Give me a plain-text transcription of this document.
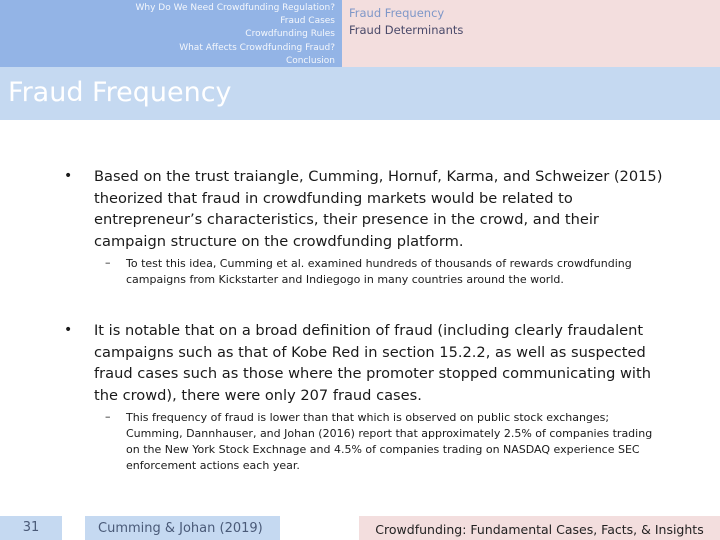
Why Do We Need Crowdfunding Regulation?
Fraud Cases
Crowdfunding Rules
What Affects Crowdfunding Fraud?
Conclusion
Fraud Frequency
Fraud Determinants
Fraud Frequency
• Based on the trust traiangle, Cumming, Hornuf, Karma, and Schweizer (2015) theorized that fraud in crowdfunding markets would be related to entrepreneur’s characteristics, their presence in the crowd, and their campaign structure on the crowdfunding platform.

– To test this idea, Cumming et al. examined hundreds of thousands of rewards crowdfunding campaigns from Kickstarter and Indiegogo in many countries around the world.

• It is notable that on a broad definition of fraud (including clearly fraudalent campaigns such as that of Kobe Red in section 15.2.2, as well as suspected fraud cases such as those where the promoter stopped communicating with the crowd), there were only 207 fraud cases.

– This frequency of fraud is lower than that which is observed on public stock exchanges; Cumming, Dannhauser, and Johan (2016) report that approximately 2.5% of companies trading on the New York Stock Exchnage and 4.5% of companies trading on NASDAQ experience SEC enforcement actions each year.

31	Cumming & Johan (2019)	Crowdfunding: Fundamental Cases, Facts, & Insights
